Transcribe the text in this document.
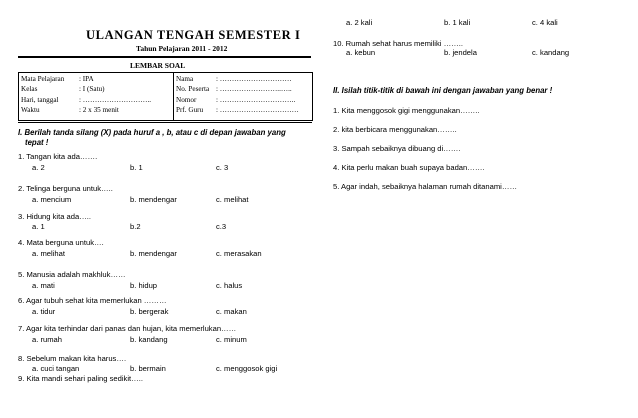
ULANGAN TENGAH SEMESTER I
Tahun Pelajaran 2011 - 2012
LEMBAR SOAL
Mata Pelajaran : IPA
Kelas	: I (Satu)
Hari, tanggal	: ………………………..
Waktu	: 2 x 35 menit
Nama	: …………………………
No. Peserta : ……………………..…..
Nomor	: …………………………..
Prf. Guru : ……………………………
I. Berilah tanda silang (X) pada huruf a , b, atau c di depan jawaban yang
tepat !
1. Tangan kita ada…….
a. 2	b. 1	c. 3
2. Telinga berguna untuk…..
a. mencium	b. mendengar	c. melihat
3. Hidung kita ada…..
a. 1	b.2	c.3
4. Mata berguna untuk….
a. melihat	b. mendengar	c. merasakan
5. Manusia adalah makhluk……
a. mati	b. hidup	c. halus
6. Agar tubuh sehat kita memerlukan ………
a. tidur	b. bergerak	c. makan
7. Agar kita terhindar dari panas dan hujan, kita memerlukan……
a. rumah	b. kandang	c. minum
8. Sebelum makan kita harus….
a. cuci tangan	b. bermain	c. menggosok gigi
9. Kita mandi sehari paling sedikit…..
a. 2 kali	b. 1 kali	c. 4 kali
10. Rumah sehat harus memiliki ……..
a. kebun	b. jendela	c. kandang
II. Isilah titik-titik di bawah ini dengan jawaban yang benar !
1. Kita menggosok gigi menggunakan……..
2. kita berbicara menggunakan……..
3. Sampah sebaiknya dibuang di…….
4. Kita perlu makan buah supaya badan…….
5. Agar indah, sebaiknya halaman rumah ditanami……
